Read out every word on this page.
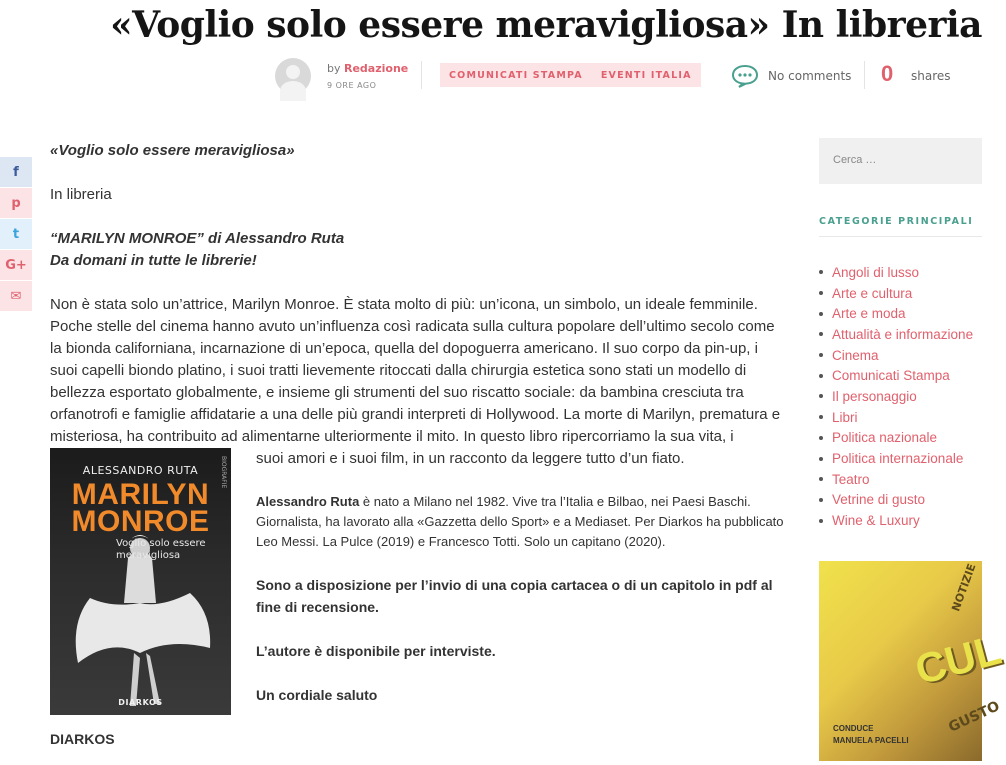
«Voglio solo essere meravigliosa» In libreria
by Redazione
9 ORE AGO
COMUNICATI STAMPA EVENTI ITALIA	No comments 0 shares
f
p
t
G+
✉

«Voglio solo essere meravigliosa»

In libreria

“MARILYN MONROE” di Alessandro Ruta

Da domani in tutte le librerie!

Non è stata solo un’attrice, Marilyn Monroe. È stata molto di più: un’icona, un simbolo, un ideale femminile. Poche stelle del cinema hanno avuto un’influenza così radicata sulla cultura popolare dell’ultimo secolo come la bionda californiana, incarnazione di un’epoca, quella del dopoguerra americano. Il suo corpo da pin-up, i suoi capelli biondo platino, i suoi tratti lievemente ritoccati dalla chirurgia estetica sono stati un modello di bellezza esportato globalmente, e insieme gli strumenti del suo riscatto sociale: da bambina cresciuta tra orfanotrofi e famiglie affidatarie a una delle più grandi interpreti di Hollywood. La morte di Marilyn, prematura e misteriosa, ha contribuito ad alimentarne ulteriormente il mito. In questo libro ripercorriamo la sua vita, i

ALESSANDRO RUTA	BIOGRAFIE
MARILYN
MONROE
Voglio solo essere meravigliosa
DIARKOS

suoi amori e i suoi film, in un racconto da leggere tutto d’un fiato.

Alessandro Ruta è nato a Milano nel 1982. Vive tra l’Italia e Bilbao, nei Paesi Baschi. Giornalista, ha lavorato alla «Gazzetta dello Sport» e a Mediaset. Per Diarkos ha pubblicato Leo Messi. La Pulce (2019) e Francesco Totti. Solo un capitano (2020).

Sono a disposizione per l’invio di una copia cartacea o di un capitolo in pdf al fine di recensione.

L’autore è disponibile per interviste.

Un cordiale saluto

DIARKOS
Cerca …
CATEGORIE PRINCIPALI
Angoli di lusso
Arte e cultura
Arte e moda
Attualità e informazione
Cinema
Comunicati Stampa
Il personaggio
Libri
Politica nazionale
Politica internazionale
Teatro
Vetrine di gusto
Wine & Luxury
NOTIZIE
CUL
GUSTO
CONDUCE
MANUELA PACELLI
